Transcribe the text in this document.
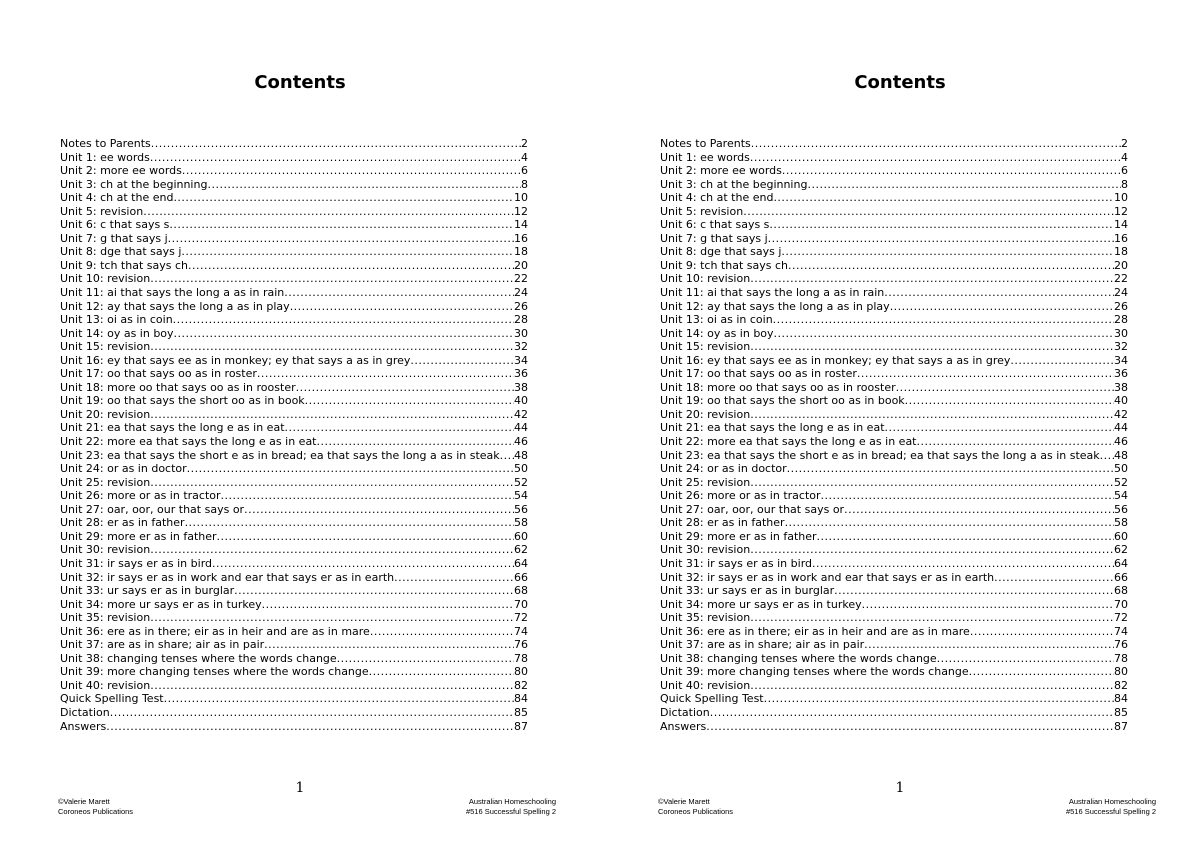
Contents
Notes to Parents .....	2
Unit 1: ee words .....	4
Unit 2: more ee words .....	6
Unit 3: ch at the beginning .....	8
Unit 4: ch at the end .....	10
Unit 5: revision .....	12
Unit 6: c that says s .....	14
Unit 7: g that says j .....	16
Unit 8: dge that says j .....	18
Unit 9: tch that says ch .....	20
Unit 10: revision .....	22
Unit 11: ai that says the long a as in rain .....	24
Unit 12: ay that says the long a as in play .....	26
Unit 13: oi as in coin .....	28
Unit 14: oy as in boy .....	30
Unit 15: revision .....	32
Unit 16: ey that says ee as in monkey; ey that says a as in grey .....	34
Unit 17: oo that says oo as in roster .....	36
Unit 18: more oo that says oo as in rooster .....	38
Unit 19: oo that says the short oo as in book .....	40
Unit 20: revision .....	42
Unit 21: ea that says the long e as in eat .....	44
Unit 22: more ea that says the long e as in eat .....	46
Unit 23: ea that says the short e as in bread; ea that says the long a as in steak ..... 48
Unit 24: or as in doctor .....	50
Unit 25: revision .....	52
Unit 26: more or as in tractor .....	54
Unit 27: oar, oor, our that says or .....	56
Unit 28: er as in father .....	58
Unit 29: more er as in father .....	60
Unit 30: revision .....	62
Unit 31: ir says er as in bird .....	64
Unit 32: ir says er as in work and ear that says er as in earth .....	66
Unit 33: ur says er as in burglar .....	68
Unit 34: more ur says er as in turkey .....	70
Unit 35: revision .....	72
Unit 36: ere as in there; eir as in heir and are as in mare .....	74
Unit 37: are as in share; air as in pair .....	76
Unit 38: changing tenses where the words change .....	78
Unit 39: more changing tenses where the words change .....	80
Unit 40: revision .....	82
Quick Spelling Test .....	84
Dictation .....	85
Answers .....	87
1
©Valerie Marett
Coroneos Publications
Australian Homeschooling
#516 Successful Spelling 2
Contents
Notes to Parents .....	2
Unit 1: ee words .....	4
Unit 2: more ee words .....	6
Unit 3: ch at the beginning .....	8
Unit 4: ch at the end .....	10
Unit 5: revision .....	12
Unit 6: c that says s .....	14
Unit 7: g that says j .....	16
Unit 8: dge that says j .....	18
Unit 9: tch that says ch .....	20
Unit 10: revision .....	22
Unit 11: ai that says the long a as in rain .....	24
Unit 12: ay that says the long a as in play .....	26
Unit 13: oi as in coin .....	28
Unit 14: oy as in boy .....	30
Unit 15: revision .....	32
Unit 16: ey that says ee as in monkey; ey that says a as in grey .....	34
Unit 17: oo that says oo as in roster .....	36
Unit 18: more oo that says oo as in rooster .....	38
Unit 19: oo that says the short oo as in book .....	40
Unit 20: revision .....	42
Unit 21: ea that says the long e as in eat .....	44
Unit 22: more ea that says the long e as in eat .....	46
Unit 23: ea that says the short e as in bread; ea that says the long a as in steak ..... 48
Unit 24: or as in doctor .....	50
Unit 25: revision .....	52
Unit 26: more or as in tractor .....	54
Unit 27: oar, oor, our that says or .....	56
Unit 28: er as in father .....	58
Unit 29: more er as in father .....	60
Unit 30: revision .....	62
Unit 31: ir says er as in bird .....	64
Unit 32: ir says er as in work and ear that says er as in earth .....	66
Unit 33: ur says er as in burglar .....	68
Unit 34: more ur says er as in turkey .....	70
Unit 35: revision .....	72
Unit 36: ere as in there; eir as in heir and are as in mare .....	74
Unit 37: are as in share; air as in pair .....	76
Unit 38: changing tenses where the words change .....	78
Unit 39: more changing tenses where the words change .....	80
Unit 40: revision .....	82
Quick Spelling Test .....	84
Dictation .....	85
Answers .....	87
1
©Valerie Marett
Coroneos Publications
Australian Homeschooling
#516 Successful Spelling 2
